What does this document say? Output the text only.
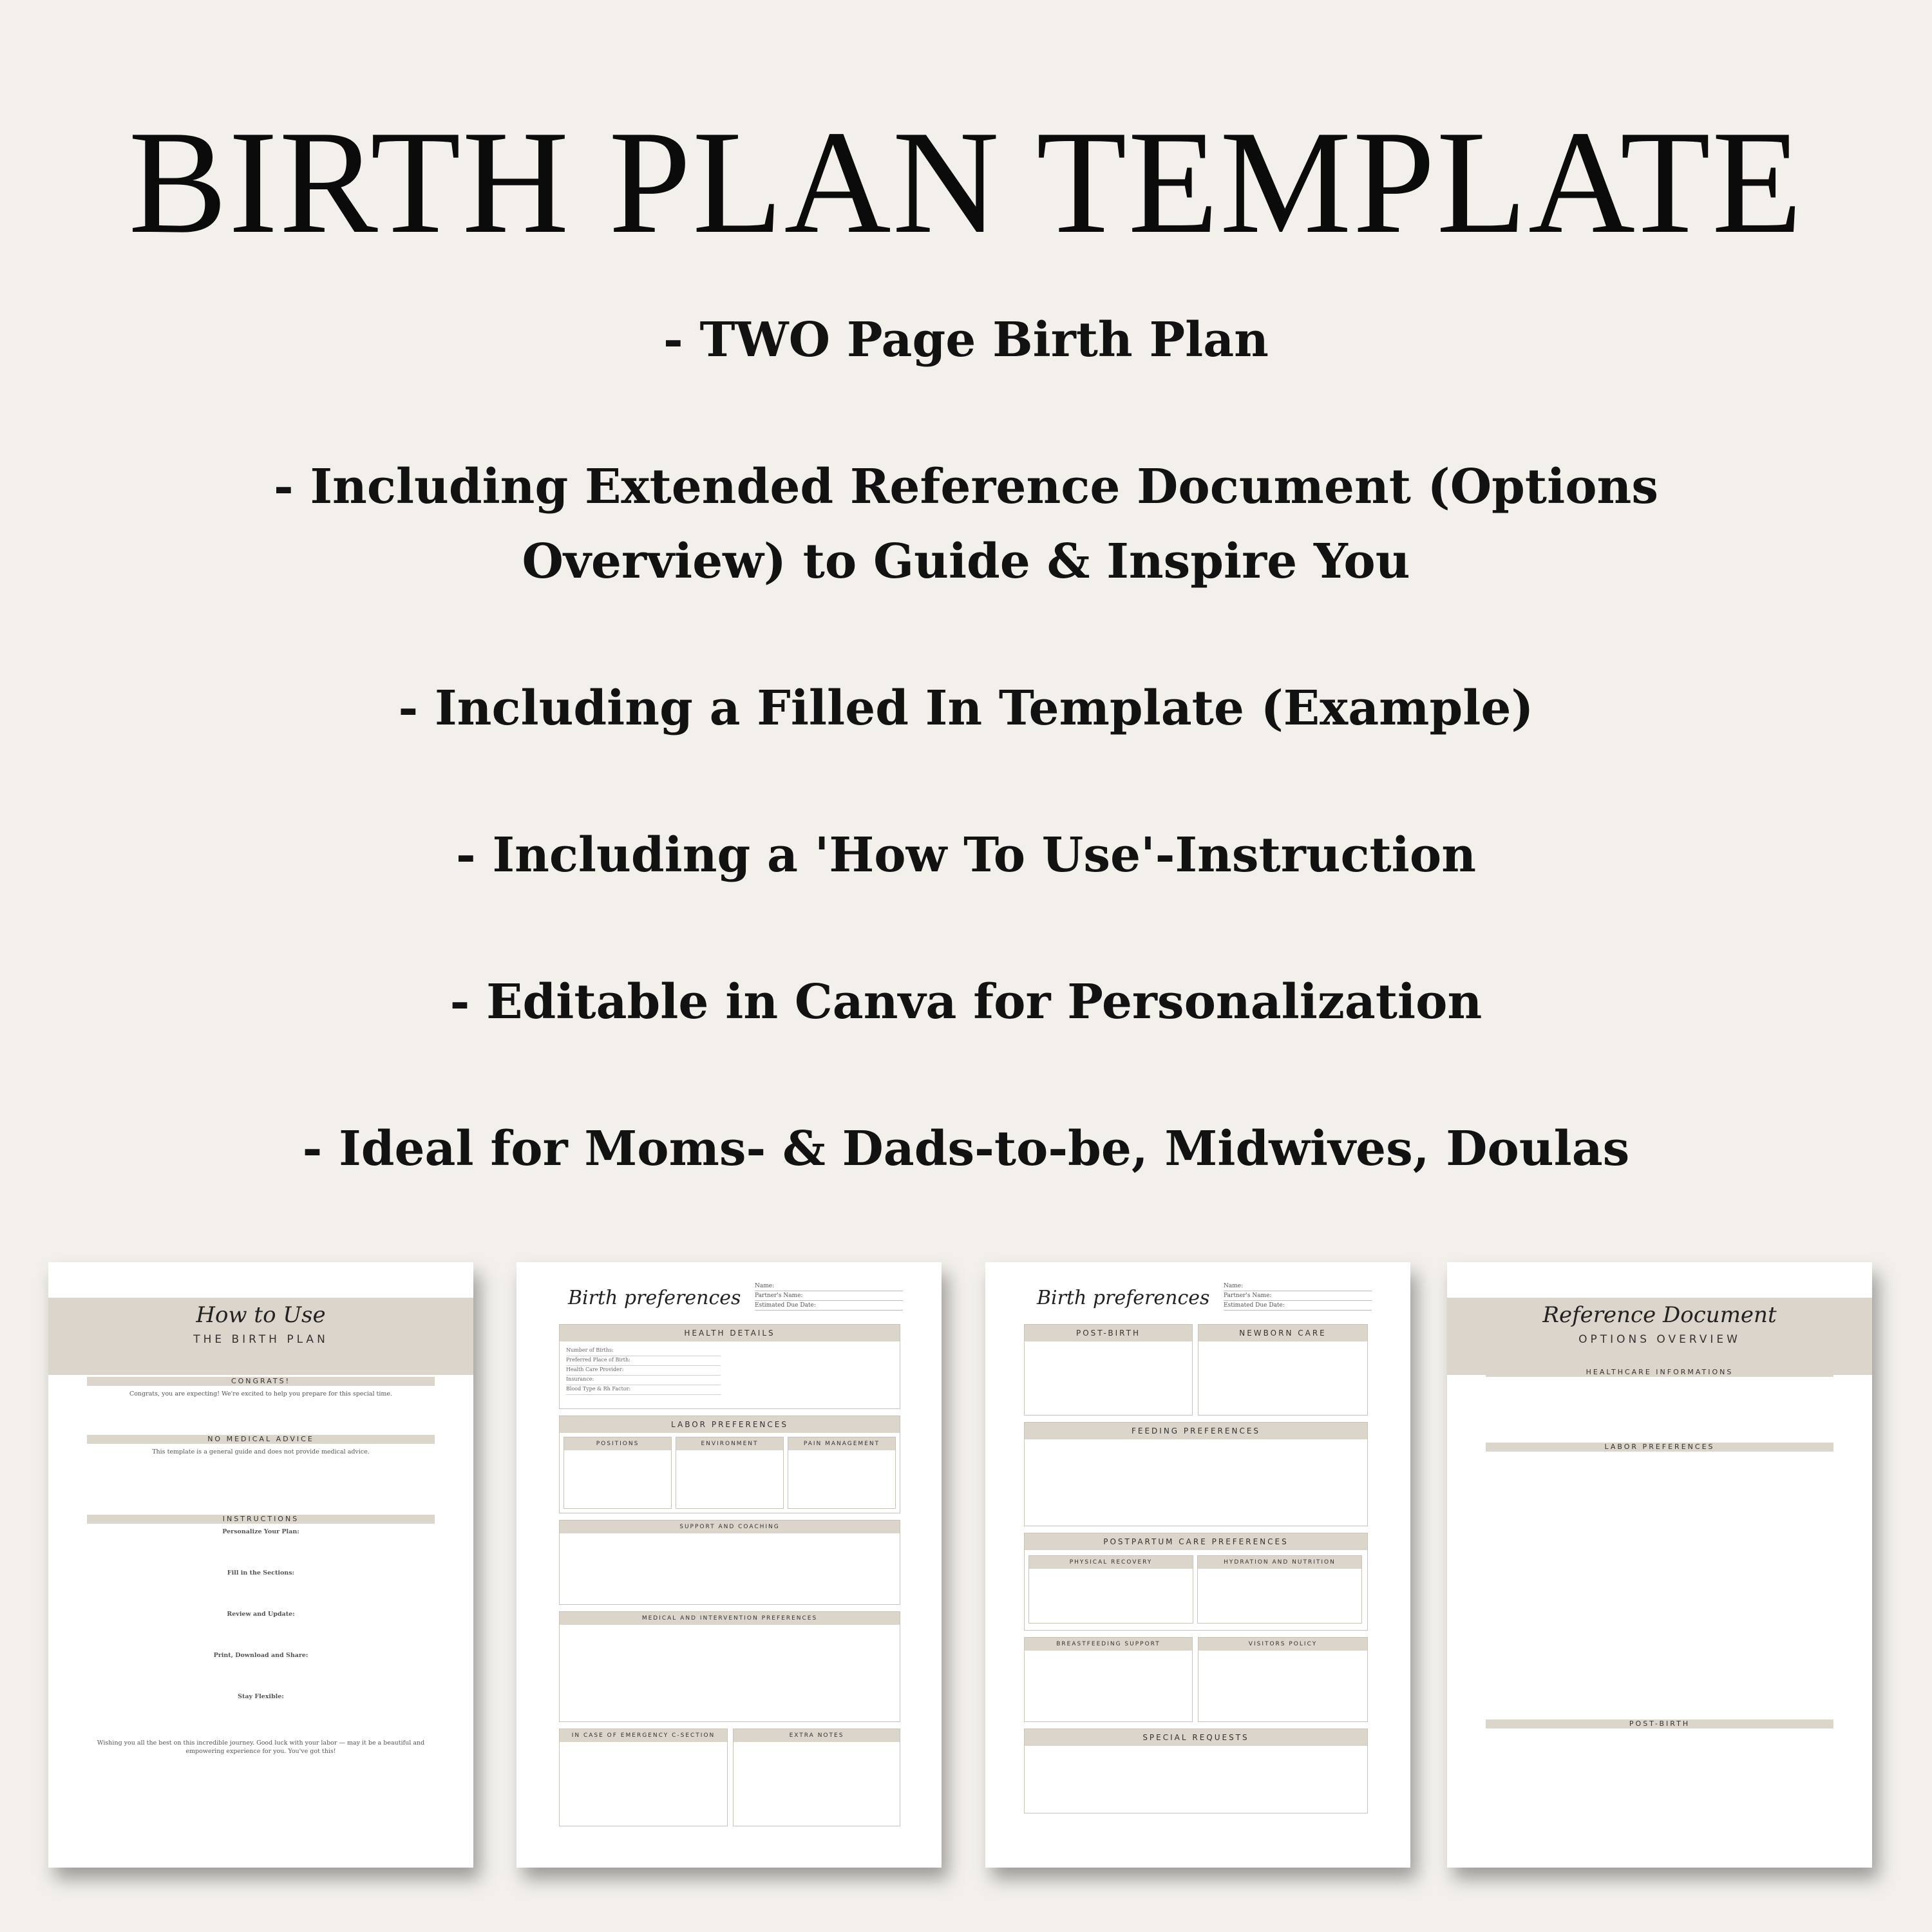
BIRTH PLAN TEMPLATE
- TWO Page Birth Plan
- Including Extended Reference Document (Options
Overview) to Guide & Inspire You
- Including a Filled In Template (Example)
- Including a 'How To Use'-Instruction
- Editable in Canva for Personalization
- Ideal for Moms- & Dads-to-be, Midwives, Doulas
How to Use
THE BIRTH PLAN
CONGRATS!
Congrats, you are expecting! We're excited to help you prepare for this special time.
NO MEDICAL ADVICE
This template is a general guide and does not provide medical advice.
INSTRUCTIONS
Personalize Your Plan:
Fill in the Sections:
Review and Update:
Print, Download and Share:
Stay Flexible:
Wishing you all the best on this incredible journey. Good luck with your labor — may it be a beautiful and empowering experience for you. You've got this!
Birth preferences
Name:
Partner's Name:
Estimated Due Date:
HEALTH DETAILS
Number of Births:
Preferred Place of Birth:
Health Care Provider:
Insurance:
Blood Type & Rh Factor:
LABOR PREFERENCES
POSITIONS	ENVIRONMENT	PAIN MANAGEMENT
SUPPORT AND COACHING
MEDICAL AND INTERVENTION PREFERENCES
IN CASE OF EMERGENCY C-SECTION	EXTRA NOTES
Birth preferences
Name:
Partner's Name:
Estimated Due Date:
POST-BIRTH	NEWBORN CARE
FEEDING PREFERENCES
POSTPARTUM CARE PREFERENCES
PHYSICAL RECOVERY	HYDRATION AND NUTRITION
BREASTFEEDING SUPPORT	VISITORS POLICY
SPECIAL REQUESTS
Reference Document
OPTIONS OVERVIEW
HEALTHCARE INFORMATIONS
LABOR PREFERENCES
POST-BIRTH
